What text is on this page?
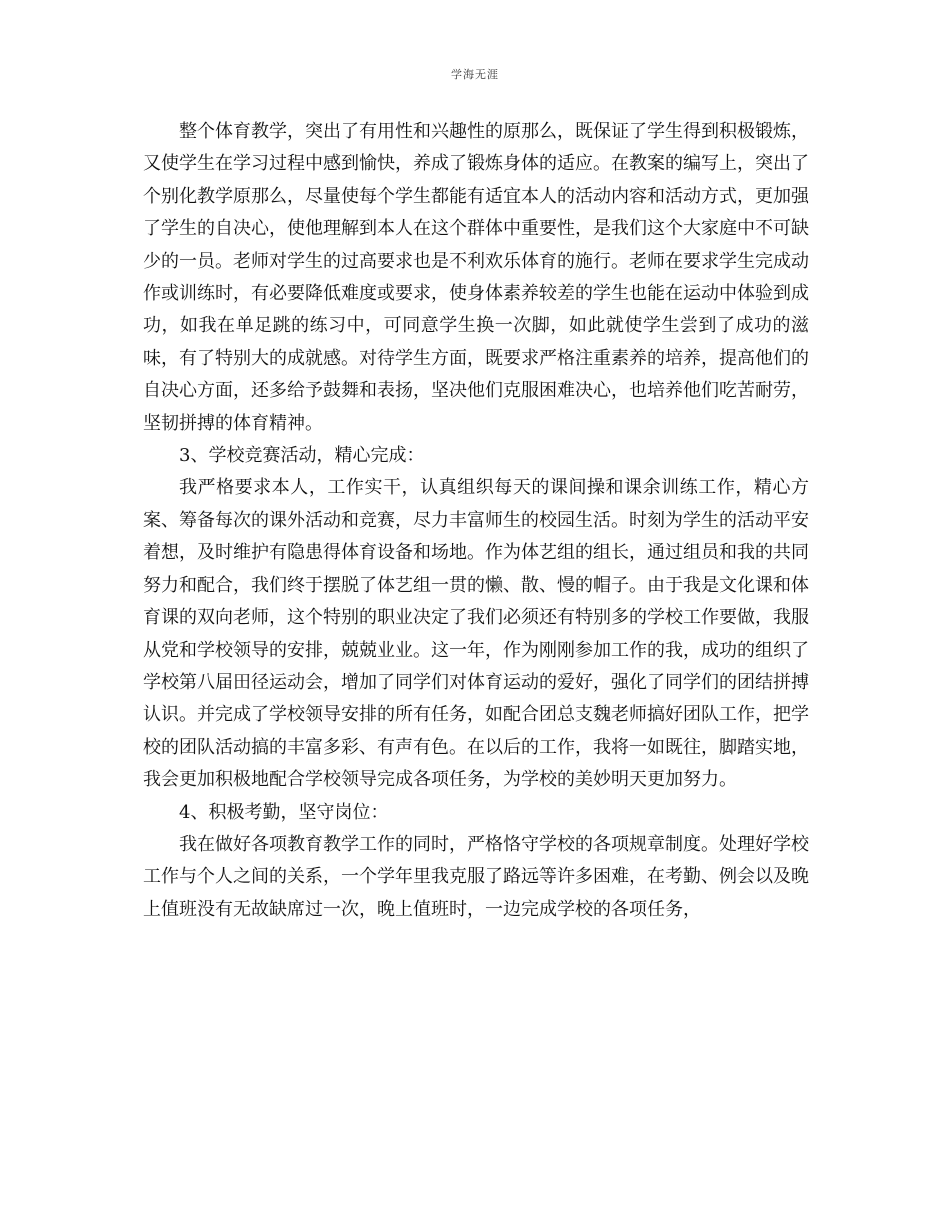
学海无涯

整个体育教学，突出了有用性和兴趣性的原那么，既保证了学生得到积极锻炼，又使学生在学习过程中感到愉快，养成了锻炼身体的适应。在教案的编写上，突出了个别化教学原那么，尽量使每个学生都能有适宜本人的活动内容和活动方式，更加强了学生的自决心，使他理解到本人在这个群体中重要性，是我们这个大家庭中不可缺少的一员。老师对学生的过高要求也是不利欢乐体育的施行。老师在要求学生完成动作或训练时，有必要降低难度或要求，使身体素养较差的学生也能在运动中体验到成功，如我在单足跳的练习中，可同意学生换一次脚，如此就使学生尝到了成功的滋味，有了特别大的成就感。对待学生方面，既要求严格注重素养的培养，提高他们的自决心方面，还多给予鼓舞和表扬，坚决他们克服困难决心，也培养他们吃苦耐劳，坚韧拼搏的体育精神。

3、学校竞赛活动，精心完成：

我严格要求本人，工作实干，认真组织每天的课间操和课余训练工作，精心方案、筹备每次的课外活动和竞赛，尽力丰富师生的校园生活。时刻为学生的活动平安着想，及时维护有隐患得体育设备和场地。作为体艺组的组长，通过组员和我的共同努力和配合，我们终于摆脱了体艺组一贯的懒、散、慢的帽子。由于我是文化课和体育课的双向老师，这个特别的职业决定了我们必须还有特别多的学校工作要做，我服从党和学校领导的安排，兢兢业业。这一年，作为刚刚参加工作的我，成功的组织了学校第八届田径运动会，增加了同学们对体育运动的爱好，强化了同学们的团结拼搏认识。并完成了学校领导安排的所有任务，如配合团总支魏老师搞好团队工作，把学校的团队活动搞的丰富多彩、有声有色。在以后的工作，我将一如既往，脚踏实地，我会更加积极地配合学校领导完成各项任务，为学校的美妙明天更加努力。

4、积极考勤，坚守岗位：

我在做好各项教育教学工作的同时，严格恪守学校的各项规章制度。处理好学校工作与个人之间的关系，一个学年里我克服了路远等许多困难，在考勤、例会以及晚上值班没有无故缺席过一次，晚上值班时，一边完成学校的各项任务，
